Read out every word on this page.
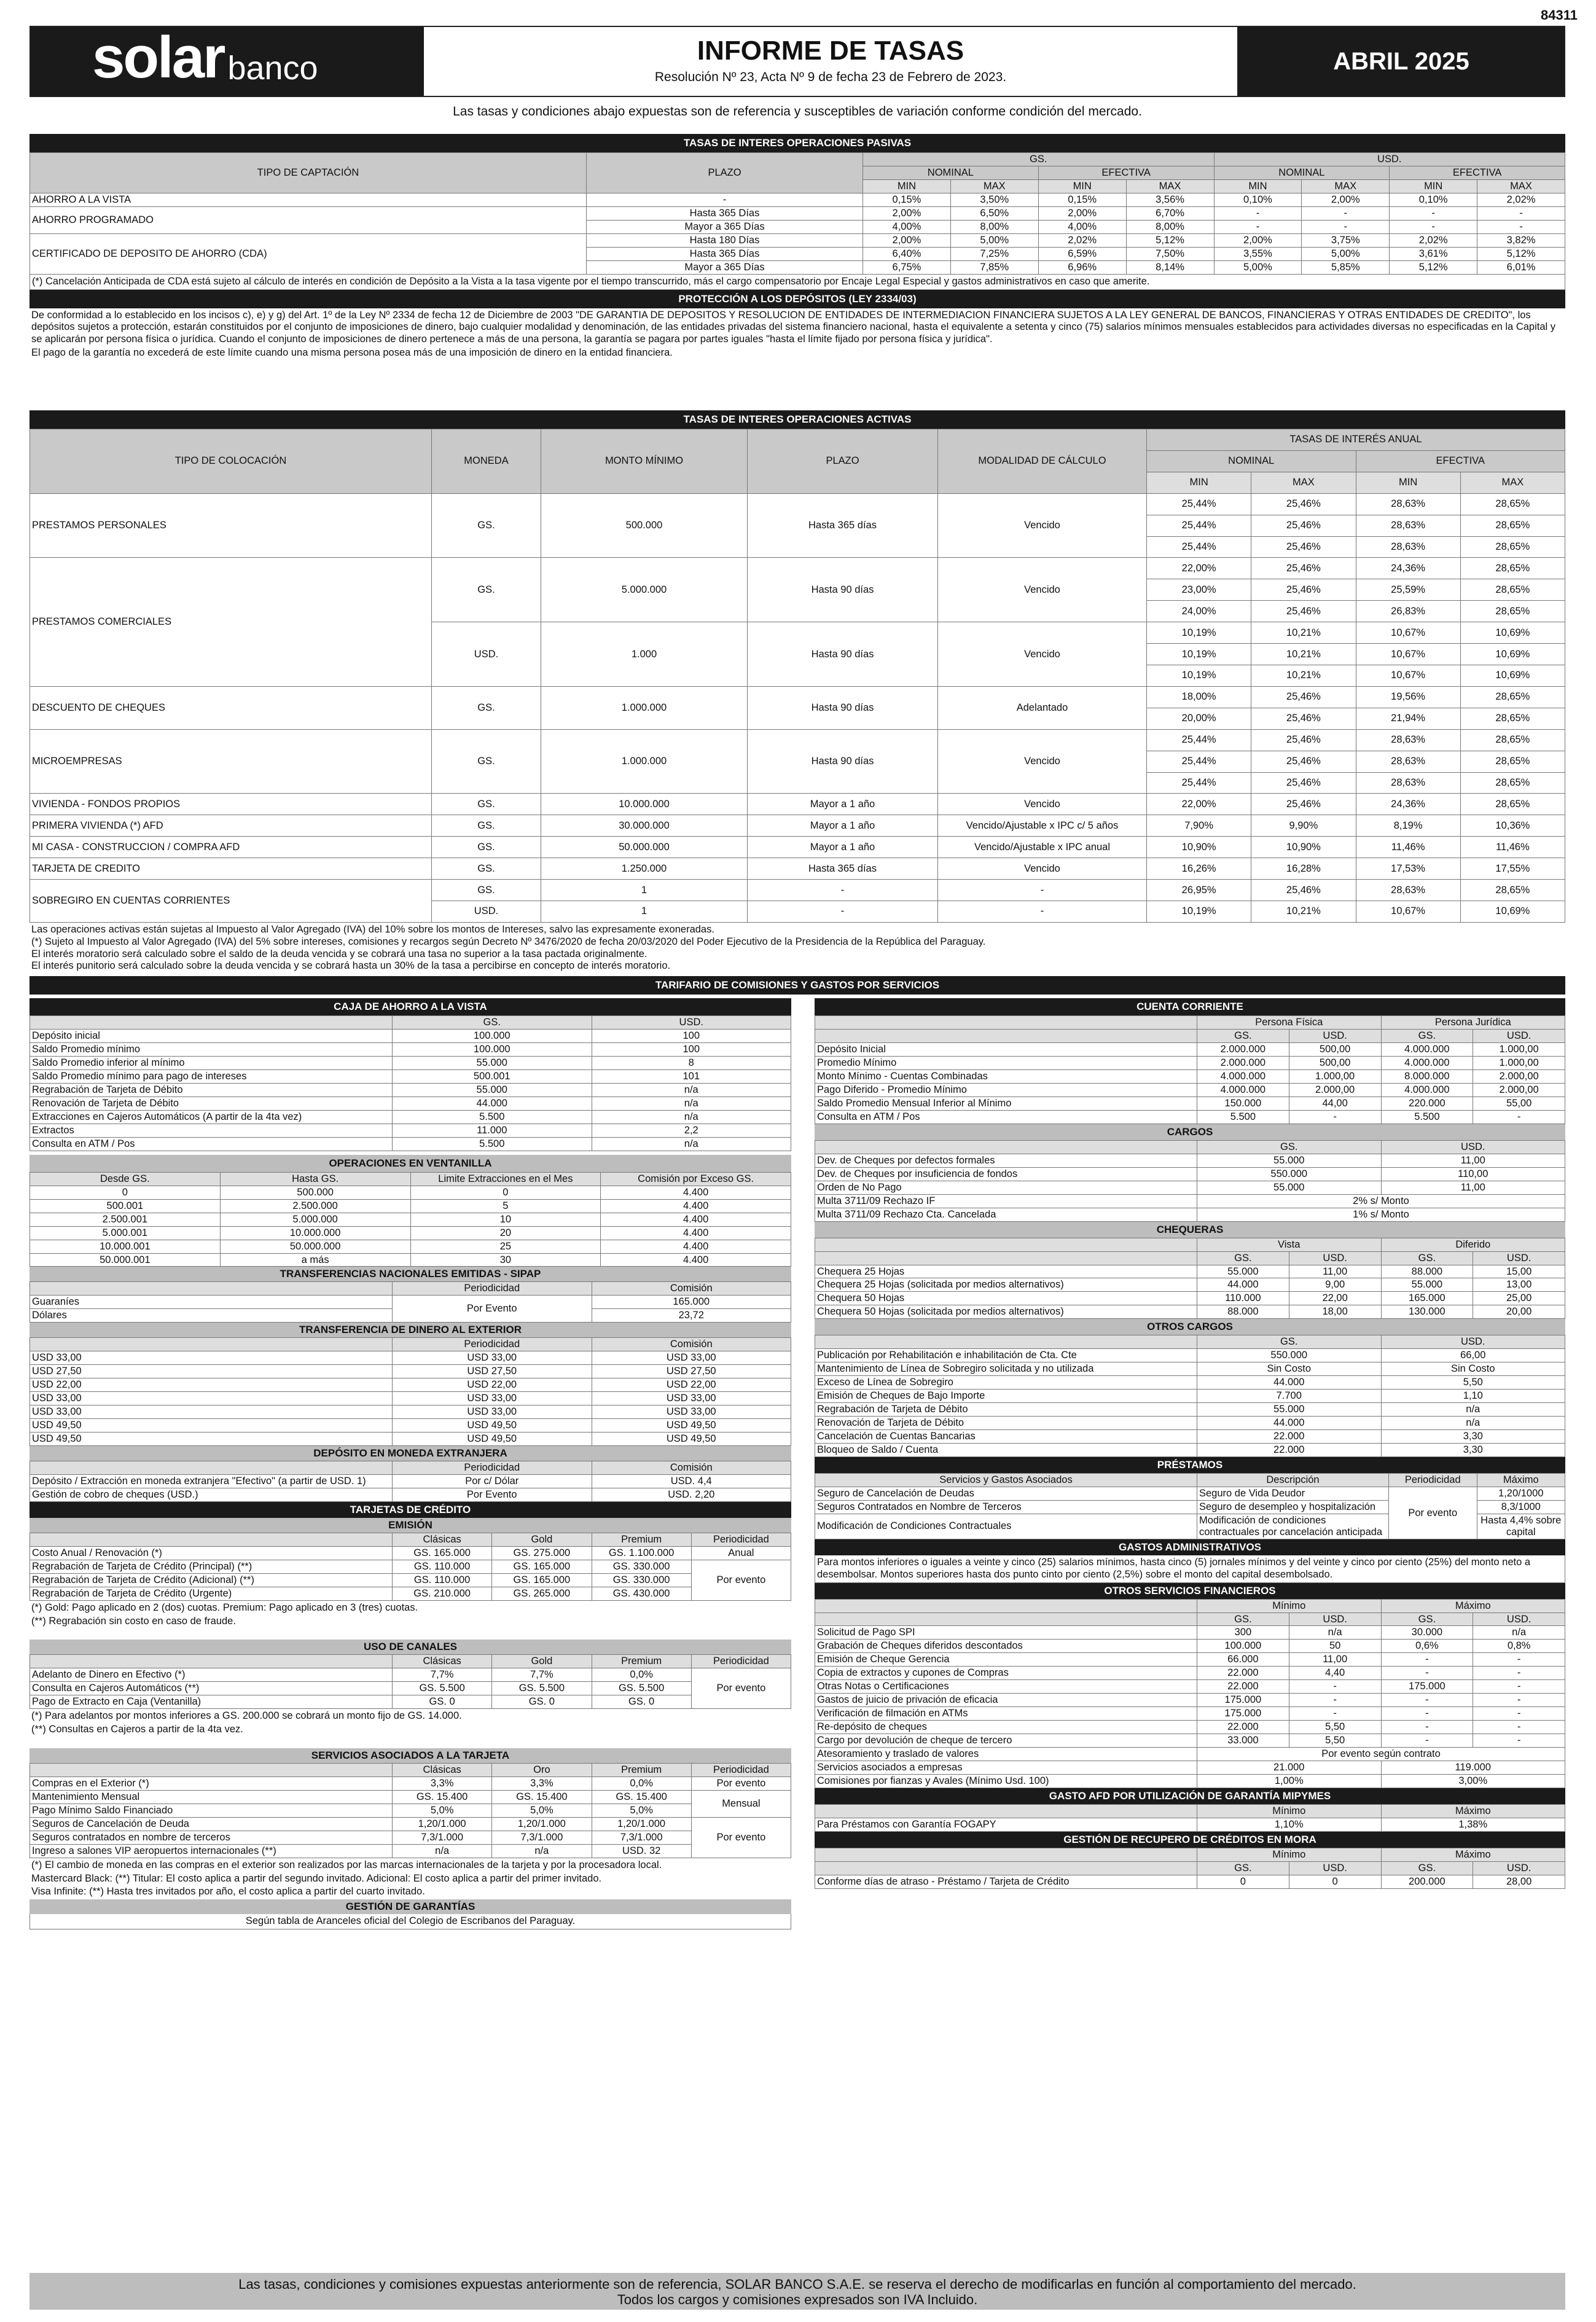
84311
solar banco	INFORME DE TASAS
Resolución Nº 23, Acta Nº 9 de fecha 23 de Febrero de 2023.
ABRIL 2025
Las tasas y condiciones abajo expuestas son de referencia y susceptibles de variación conforme condición del mercado.
TASAS DE INTERES OPERACIONES PASIVAS
TIPO DE CAPTACIÓN	PLAZO	GS.				USD.			
		NOMINAL		EFECTIVA		NOMINAL		EFECTIVA	
		MIN	MAX	MIN	MAX	MIN	MAX	MIN	MAX
AHORRO A LA VISTA	-	0,15%	3,50%	0,15%	3,56%	0,10%	2,00%	0,10%	2,02%
AHORRO PROGRAMADO	Hasta 365 Días	2,00%	6,50%	2,00%	6,70%	-	-	-	-
	Mayor a 365 Días	4,00%	8,00%	4,00%	8,00%	-	-	-	-
CERTIFICADO DE DEPOSITO DE AHORRO (CDA)	Hasta 180 Días	2,00%	5,00%	2,02%	5,12%	2,00%	3,75%	2,02%	3,82%
	Hasta 365 Días	6,40%	7,25%	6,59%	7,50%	3,55%	5,00%	3,61%	5,12%
	Mayor a 365 Días	6,75%	7,85%	6,96%	8,14%	5,00%	5,85%	5,12%	6,01%
(*) Cancelación Anticipada de CDA está sujeto al cálculo de interés en condición de Depósito a la Vista a la tasa vigente por el tiempo transcurrido, más el cargo compensatorio por Encaje Legal Especial y gastos administrativos en caso que amerite.
PROTECCIÓN A LOS DEPÓSITOS (LEY 2334/03)
De conformidad a lo establecido en los incisos c), e) y g) del Art. 1º de la Ley Nº 2334 de fecha 12 de Diciembre de 2003 "DE GARANTIA DE DEPOSITOS Y RESOLUCION DE ENTIDADES DE INTERMEDIACION FINANCIERA SUJETOS A LA LEY GENERAL DE BANCOS, FINANCIERAS Y OTRAS ENTIDADES DE CREDITO", los depósitos sujetos a protección, estarán constituidos por el conjunto de imposiciones de dinero, bajo cualquier modalidad y denominación, de las entidades privadas del sistema financiero nacional, hasta el equivalente a setenta y cinco (75) salarios mínimos mensuales establecidos para actividades diversas no especificadas en la Capital y se aplicarán por persona física o jurídica. Cuando el conjunto de imposiciones de dinero pertenece a más de una persona, la garantía se pagara por partes iguales "hasta el límite fijado por persona física y jurídica".
El pago de la garantía no excederá de este límite cuando una misma persona posea más de una imposición de dinero en la entidad financiera.
TASAS DE INTERES OPERACIONES ACTIVAS
TIPO DE COLOCACIÓN	MONEDA	MONTO MÍNIMO	PLAZO	MODALIDAD DE CÁLCULO	TASAS DE INTERÉS ANUAL			
					NOMINAL		EFECTIVA	
					MIN	MAX	MIN	MAX
PRESTAMOS PERSONALES	GS.	500.000	Hasta 365 días	Vencido	25,44%	25,46%	28,63%	28,65%
					25,44%	25,46%	28,63%	28,65%
					25,44%	25,46%	28,63%	28,65%
PRESTAMOS COMERCIALES	GS.	5.000.000	Hasta 90 días	Vencido	22,00%	25,46%	24,36%	28,65%
					23,00%	25,46%	25,59%	28,65%
					24,00%	25,46%	26,83%	28,65%
	USD.	1.000	Hasta 90 días	Vencido	10,19%	10,21%	10,67%	10,69%
					10,19%	10,21%	10,67%	10,69%
					10,19%	10,21%	10,67%	10,69%
DESCUENTO DE CHEQUES	GS.	1.000.000	Hasta 90 días	Adelantado	18,00%	25,46%	19,56%	28,65%
					20,00%	25,46%	21,94%	28,65%
MICROEMPRESAS	GS.	1.000.000	Hasta 90 días	Vencido	25,44%	25,46%	28,63%	28,65%
					25,44%	25,46%	28,63%	28,65%
					25,44%	25,46%	28,63%	28,65%
VIVIENDA - FONDOS PROPIOS	GS.	10.000.000	Mayor a 1 año	Vencido	22,00%	25,46%	24,36%	28,65%
PRIMERA VIVIENDA (*) AFD	GS.	30.000.000	Mayor a 1 año	Vencido/Ajustable x IPC c/ 5 años	7,90%	9,90%	8,19%	10,36%
MI CASA - CONSTRUCCION / COMPRA AFD	GS.	50.000.000	Mayor a 1 año	Vencido/Ajustable x IPC anual	10,90%	10,90%	11,46%	11,46%
TARJETA DE CREDITO	GS.	1.250.000	Hasta 365 días	Vencido	16,26%	16,28%	17,53%	17,55%
SOBREGIRO EN CUENTAS CORRIENTES	GS.	1	-	-	26,95%	25,46%	28,63%	28,65%
	USD.	1	-	-	10,19%	10,21%	10,67%	10,69%
Las operaciones activas están sujetas al Impuesto al Valor Agregado (IVA) del 10% sobre los montos de Intereses, salvo las expresamente exoneradas.
(*) Sujeto al Impuesto al Valor Agregado (IVA) del 5% sobre intereses, comisiones y recargos según Decreto Nº 3476/2020 de fecha 20/03/2020 del Poder Ejecutivo de la Presidencia de la República del Paraguay.
El interés moratorio será calculado sobre el saldo de la deuda vencida y se cobrará una tasa no superior a la tasa pactada originalmente.
El interés punitorio será calculado sobre la deuda vencida y se cobrará hasta un 30% de la tasa a percibirse en concepto de interés moratorio.
TARIFARIO DE COMISIONES Y GASTOS POR SERVICIOS
CAJA DE AHORRO A LA VISTA
	GS.	USD.
Depósito inicial	100.000	100
Saldo Promedio mínimo	100.000	100
Saldo Promedio inferior al mínimo	55.000	8
Saldo Promedio mínimo para pago de intereses	500.001	101
Regrabación de Tarjeta de Débito	55.000	n/a
Renovación de Tarjeta de Débito	44.000	n/a
Extracciones en Cajeros Automáticos (A partir de la 4ta vez)	5.500	n/a
Extractos	11.000	2,2
Consulta en ATM / Pos	5.500	n/a
OPERACIONES EN VENTANILLA
Desde GS.	Hasta GS.	Limite Extracciones en el Mes	Comisión por Exceso GS.
0	500.000	0	4.400
500.001	2.500.000	5	4.400
2.500.001	5.000.000	10	4.400
5.000.001	10.000.000	20	4.400
10.000.001	50.000.000	25	4.400
50.000.001	a más	30	4.400
TRANSFERENCIAS NACIONALES EMITIDAS - SIPAP
	Periodicidad	Comisión
Guaraníes	Por Evento	165.000
Dólares		23,72
TRANSFERENCIA DE DINERO AL EXTERIOR
	Periodicidad	Comisión
USD 33,00	USD 33,00	USD 33,00
USD 27,50	USD 27,50	USD 27,50
USD 22,00	USD 22,00	USD 22,00
USD 33,00	USD 33,00	USD 33,00
USD 33,00	USD 33,00	USD 33,00
USD 49,50	USD 49,50	USD 49,50
USD 49,50	USD 49,50	USD 49,50
DEPÓSITO EN MONEDA EXTRANJERA
	Periodicidad	Comisión
Depósito / Extracción en moneda extranjera "Efectivo" (a partir de USD. 1)	Por c/ Dólar	USD. 4,4
Gestión de cobro de cheques (USD.)	Por Evento	USD. 2,20
TARJETAS DE CRÉDITO
EMISIÓN
	Clásicas	Gold	Premium	Periodicidad
Costo Anual / Renovación (*)	GS. 165.000	GS. 275.000	GS. 1.100.000	Anual
Regrabación de Tarjeta de Crédito (Principal) (**)	GS. 110.000	GS. 165.000	GS. 330.000	Por evento
Regrabación de Tarjeta de Crédito (Adicional) (**)	GS. 110.000	GS. 165.000	GS. 330.000	
Regrabación de Tarjeta de Crédito (Urgente)	GS. 210.000	GS. 265.000	GS. 430.000	
(*) Gold: Pago aplicado en 2 (dos) cuotas. Premium: Pago aplicado en 3 (tres) cuotas.
(**) Regrabación sin costo en caso de fraude.
USO DE CANALES
	Clásicas	Gold	Premium	Periodicidad
Adelanto de Dinero en Efectivo (*)	7,7%	7,7%	0,0%	Por evento
Consulta en Cajeros Automáticos (**)	GS. 5.500	GS. 5.500	GS. 5.500	
Pago de Extracto en Caja (Ventanilla)	GS. 0	GS. 0	GS. 0	
(*) Para adelantos por montos inferiores a GS. 200.000 se cobrará un monto fijo de GS. 14.000.
(**) Consultas en Cajeros a partir de la 4ta vez.
SERVICIOS ASOCIADOS A LA TARJETA
	Clásicas	Oro	Premium	Periodicidad
Compras en el Exterior (*)	3,3%	3,3%	0,0%	Por evento
Mantenimiento Mensual	GS. 15.400	GS. 15.400	GS. 15.400	Mensual
Pago Mínimo Saldo Financiado	5,0%	5,0%	5,0%	
Seguros de Cancelación de Deuda	1,20/1.000	1,20/1.000	1,20/1.000	Por evento
Seguros contratados en nombre de terceros	7,3/1.000	7,3/1.000	7,3/1.000	
Ingreso a salones VIP aeropuertos internacionales (**)	n/a	n/a	USD. 32	
(*) El cambio de moneda en las compras en el exterior son realizados por las marcas internacionales de la tarjeta y por la procesadora local.
Mastercard Black: (**) Titular: El costo aplica a partir del segundo invitado. Adicional: El costo aplica a partir del primer invitado.
Visa Infinite: (**) Hasta tres invitados por año, el costo aplica a partir del cuarto invitado.
GESTIÓN DE GARANTÍAS
Según tabla de Aranceles oficial del Colegio de Escribanos del Paraguay.
CUENTA CORRIENTE
	Persona Física		Persona Jurídica	
	GS.	USD.	GS.	USD.
Depósito Inicial	2.000.000	500,00	4.000.000	1.000,00
Promedio Mínimo	2.000.000	500,00	4.000.000	1.000,00
Monto Mínimo - Cuentas Combinadas	4.000.000	1.000,00	8.000.000	2.000,00
Pago Diferido - Promedio Mínimo	4.000.000	2.000,00	4.000.000	2.000,00
Saldo Promedio Mensual Inferior al Mínimo	150.000	44,00	220.000	55,00
Consulta en ATM / Pos	5.500	-	5.500	-
CARGOS
	GS.	USD.
Dev. de Cheques por defectos formales	55.000	11,00
Dev. de Cheques por insuficiencia de fondos	550.000	110,00
Orden de No Pago	55.000	11,00
Multa 3711/09 Rechazo IF	2% s/ Monto	
Multa 3711/09 Rechazo Cta. Cancelada	1% s/ Monto	
CHEQUERAS
	Vista		Diferido	
	GS.	USD.	GS.	USD.
Chequera 25 Hojas	55.000	11,00	88.000	15,00
Chequera 25 Hojas (solicitada por medios alternativos)	44.000	9,00	55.000	13,00
Chequera 50 Hojas	110.000	22,00	165.000	25,00
Chequera 50 Hojas (solicitada por medios alternativos)	88.000	18,00	130.000	20,00
OTROS CARGOS
	GS.	USD.
Publicación por Rehabilitación e inhabilitación de Cta. Cte	550.000	66,00
Mantenimiento de Línea de Sobregiro solicitada y no utilizada	Sin Costo	Sin Costo
Exceso de Línea de Sobregiro	44.000	5,50
Emisión de Cheques de Bajo Importe	7.700	1,10
Regrabación de Tarjeta de Débito	55.000	n/a
Renovación de Tarjeta de Débito	44.000	n/a
Cancelación de Cuentas Bancarias	22.000	3,30
Bloqueo de Saldo / Cuenta	22.000	3,30
PRÉSTAMOS
Servicios y Gastos Asociados	Descripción	Periodicidad	Máximo
Seguro de Cancelación de Deudas	Seguro de Vida Deudor	Por evento	1,20/1000
Seguros Contratados en Nombre de Terceros	Seguro de desempleo y hospitalización		8,3/1000
Modificación de Condiciones Contractuales	Modificación de condiciones contractuales por cancelación anticipada		Hasta 4,4% sobre capital
GASTOS ADMINISTRATIVOS
Para montos inferiores o iguales a veinte y cinco (25) salarios mínimos, hasta cinco (5) jornales mínimos y del veinte y cinco por ciento (25%) del monto neto a desembolsar. Montos superiores hasta dos punto cinto por ciento (2,5%) sobre el monto del capital desembolsado.
OTROS SERVICIOS FINANCIEROS
	Mínimo		Máximo	
	GS.	USD.	GS.	USD.
Solicitud de Pago SPI	300	n/a	30.000	n/a
Grabación de Cheques diferidos descontados	100.000	50	0,6%	0,8%
Emisión de Cheque Gerencia	66.000	11,00	-	-
Copia de extractos y cupones de Compras	22.000	4,40	-	-
Otras Notas o Certificaciones	22.000	-	175.000	-
Gastos de juicio de privación de eficacia	175.000	-	-	-
Verificación de filmación en ATMs	175.000	-	-	-
Re-depósito de cheques	22.000	5,50	-	-
Cargo por devolución de cheque de tercero	33.000	5,50	-	-
Atesoramiento y traslado de valores	Por evento según contrato			
Servicios asociados a empresas	21.000		119.000	
Comisiones por fianzas y Avales (Mínimo Usd. 100)	1,00%		3,00%	
GASTO AFD POR UTILIZACIÓN DE GARANTÍA MIPYMES
	Mínimo	Máximo
Para Préstamos con Garantía FOGAPY	1,10%	1,38%
GESTIÓN DE RECUPERO DE CRÉDITOS EN MORA
	Mínimo		Máximo	
	GS.	USD.	GS.	USD.
Conforme días de atraso - Préstamo / Tarjeta de Crédito	0	0	200.000	28,00
Las tasas, condiciones y comisiones expuestas anteriormente son de referencia, SOLAR BANCO S.A.E. se reserva el derecho de modificarlas en función al comportamiento del mercado.
Todos los cargos y comisiones expresados son IVA Incluido.
